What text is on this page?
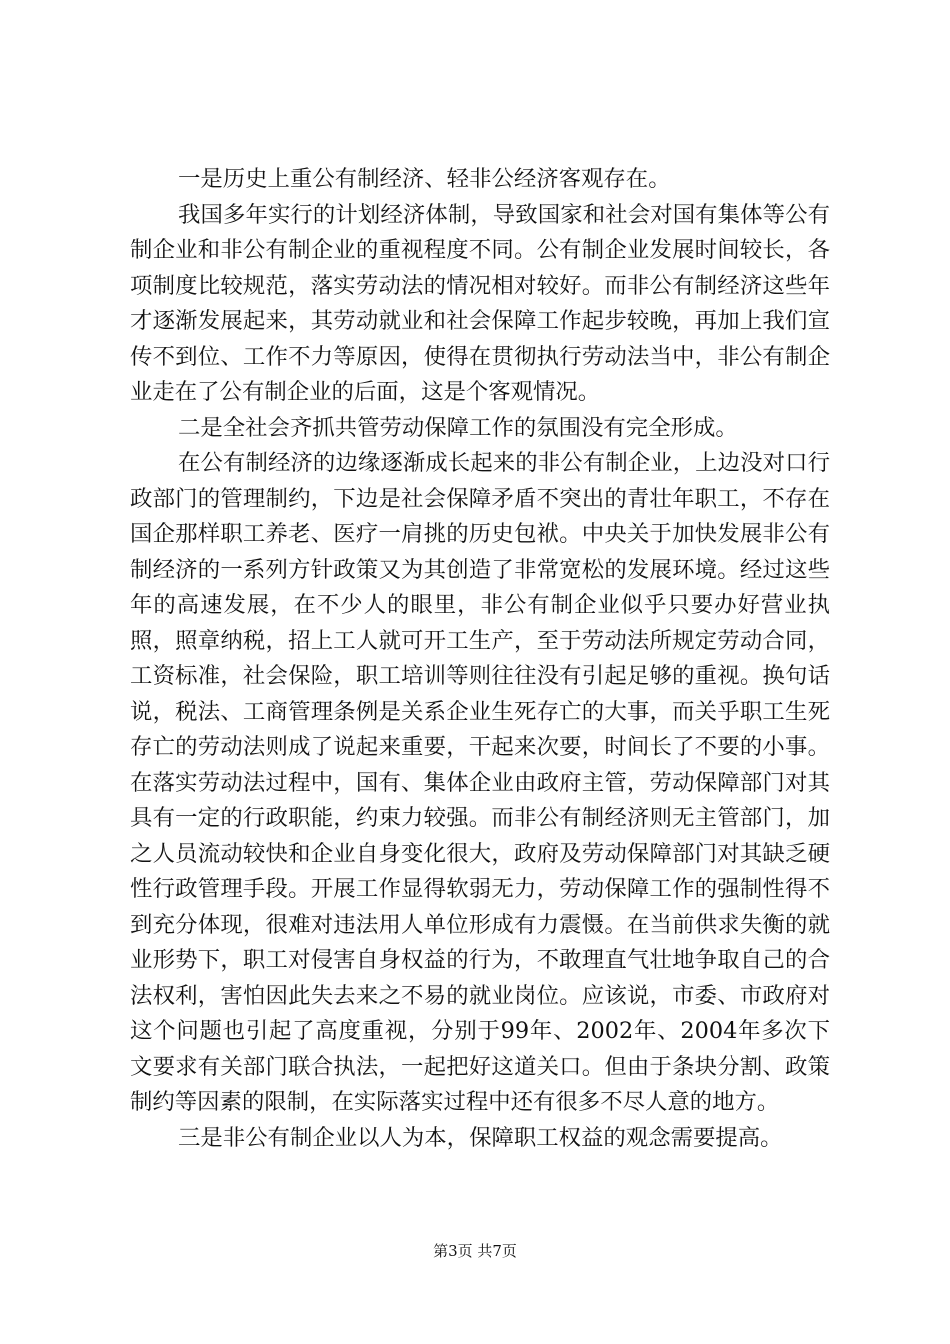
一是历史上重公有制经济、轻非公经济客观存在。

我国多年实行的计划经济体制，导致国家和社会对国有集体等公有制企业和非公有制企业的重视程度不同。公有制企业发展时间较长，各项制度比较规范，落实劳动法的情况相对较好。而非公有制经济这些年才逐渐发展起来，其劳动就业和社会保障工作起步较晚，再加上我们宣传不到位、工作不力等原因，使得在贯彻执行劳动法当中，非公有制企业走在了公有制企业的后面，这是个客观情况。

二是全社会齐抓共管劳动保障工作的氛围没有完全形成。

在公有制经济的边缘逐渐成长起来的非公有制企业，上边没对口行政部门的管理制约，下边是社会保障矛盾不突出的青壮年职工，不存在国企那样职工养老、医疗一肩挑的历史包袱。中央关于加快发展非公有制经济的一系列方针政策又为其创造了非常宽松的发展环境。经过这些年的高速发展，在不少人的眼里，非公有制企业似乎只要办好营业执照，照章纳税，招上工人就可开工生产，至于劳动法所规定劳动合同，工资标准，社会保险，职工培训等则往往没有引起足够的重视。换句话说，税法、工商管理条例是关系企业生死存亡的大事，而关乎职工生死存亡的劳动法则成了说起来重要，干起来次要，时间长了不要的小事。在落实劳动法过程中，国有、集体企业由政府主管，劳动保障部门对其具有一定的行政职能，约束力较强。而非公有制经济则无主管部门，加之人员流动较快和企业自身变化很大，政府及劳动保障部门对其缺乏硬性行政管理手段。开展工作显得软弱无力，劳动保障工作的强制性得不到充分体现，很难对违法用人单位形成有力震慑。在当前供求失衡的就业形势下，职工对侵害自身权益的行为，不敢理直气壮地争取自己的合法权利，害怕因此失去来之不易的就业岗位。应该说，市委、市政府对这个问题也引起了高度重视，分别于99年、2002年、2004年多次下文要求有关部门联合执法，一起把好这道关口。但由于条块分割、政策制约等因素的限制，在实际落实过程中还有很多不尽人意的地方。

三是非公有制企业以人为本，保障职工权益的观念需要提高。

第3页 共7页
